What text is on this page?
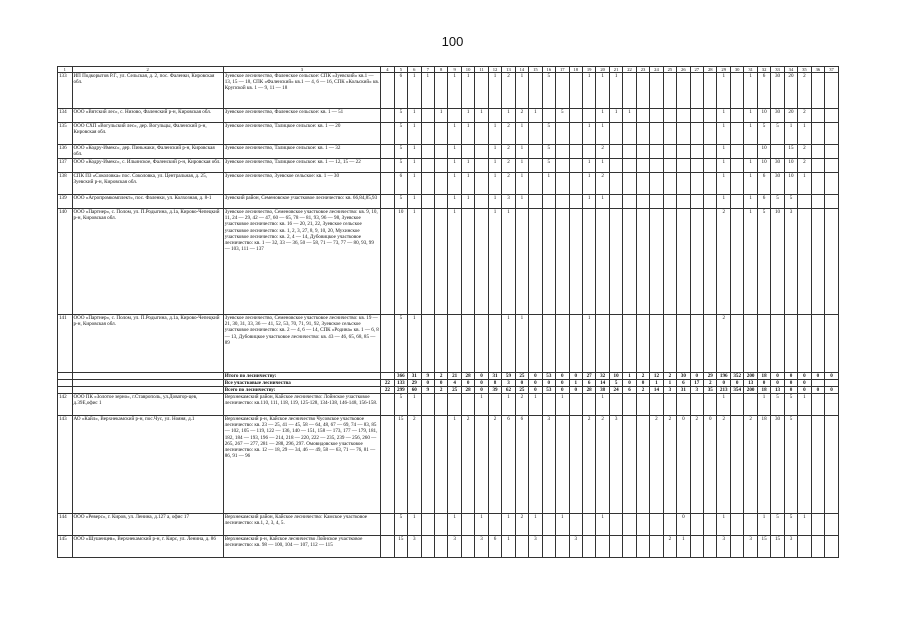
100
1	2	3	4	5	6	7	8	9	10	11	12	13	14	15	16	17	18	19	20	21	22	23	24	25	26	27	28	29	30	31	32	33	34	35	36	37
133	ИП Подкорытов Р.Г., ул. Сельская, д. 2, пос. Фаленки, Кировская обл.	Зуевское лесничество, Фаленское сельское: СПК «Зуевский» кв.1 — 13, 15 — 18, СПК «Фаленский» кв.1 — 4, 6 — 16, СПК «Кольский» кв. Крупской кв. 1 — 9, 11 — 18		6	1	1		1	1		1	2	1		5			1	1	1								1		1	6	30	20	2		
134	ООО «Вятский лес», с. Низово, Фаленский р-н, Кировская обл.	Зуевское лесничество, Фаленское сельское: кв. 1 — 51		5	1		1		1	1		1	2	1		5			1	1	1							1		1	10	30	20	2		
135	ООО СХП «Вогульский лес», дер. Вогульцы, Фаленский р-н, Кировская обл.	Зуевское лесничество, Талицкое сельское: кв. 1 — 20		5	1			1	1		1	2	1		5			1	1									1		1	5	5	1	1		
136	ООО «Кодру-Имекс», дер. Пиньжаки, Фаленский р-н, Кировская обл.	Зуевское лесничество, Талицкое сельское: кв. 1 — 32		5	1			1			1	2	1		5				2									1			10		15	2		
137	ООО «Кодру-Имекс», с. Ильинское, Фаленский р-н, Кировская обл.	Зуевское лесничество, Талицкое сельское: кв. 1 — 12, 15 — 22		5	1			1	1		1	2	1		5			1	1									1		1	10	30	10	2		
138	СПК ПЗ «Соколовка» пос. Соколовка, ул. Центральная, д. 25, Зуевский р-н, Кировская обл.	Зуевское лесничество, Зуевское сельское: кв. 1 — 30		6	1			1	1		1	2	1		1			1	2									1		1	6	30	10	1		
139	ООО «Агропромкомплект», пос. Фаленки, ул. Колхозная, д. 8-1	Зуевский район, Семеновское участковое лесничество: кв. 66,84,85,93		5	1			1	1		1	3	1					1	1									1		1	6	5	5			
140	ООО «Партнер», с. Полом, ул. П.Родыгина, д.1а, Кирово-Чепецкий р-н, Кировская обл.	Зуевское лесничество, Семеновское участковое лесничество: кв. 9, 10, 11, 24 — 29, 42 — 47, 60 — 65, 78 — 81, 93, 96 — 98, Зуевское участковое лесничество: кв. 16 — 20, 21, 22, Зуевское сельское участковое лесничество: кв. 1, 2, 3, 27, 8, 9, 10, 20, Мухинское участковое лесничество: кв. 2, 4 — 14, Дубовицкое участковое лесничество: кв. 1 — 32, 33 — 36, 50 — 58, 71 — 73, 77 — 80, 93, 99 — 103, 111 — 137		10	1			1			1	1																2		1	5	10	3			
141	ООО «Партнер», с. Полом, ул. П.Родыгина, д.1а, Кирово-Чепецкий р-н, Кировская обл.	Зуевское лесничество, Семеновское участковое лесничество: кв. 19 — 21, 30, 31, 33, 36 — 41, 52, 53, 70, 71, 91, 92, Зуевское сельское участковое лесничество: кв. 2 — 4, 6 — 14, СПК «Родина» кв. 1 — 6, 8 — 13, Дубовицкое участковое лесничество: кв. 43 — 46, 65, 68, 85 — 89		5	1							1	1					1										2								
		Итого по лесничеству:		366	31	9	2	21	28	0	31	59	25	0	53	0	0	27	32	10	1	2	12	2	30	0	29	196	352	200	18	0	0	0	0	0
		Все участковые лесничества	22	133	29	0	0	4	0	0	8	3	0	0	0	0	1	6	14	5	0	0	1	1	6	17	2	0	0	13	0	0	0	0		
		Всего по лесничеству:	22	299	60	9	2	25	28	0	39	62	25	0	53	0	0	28	38	24	6	2	14	3	31	3	35	213	354	200	18	13	0	0	0	0
142	ООО ПК «Золотое зерно», г.Ставрополь, ул.Доватор-цев, д.39Е,офис 1	Верхнекамский район, Кайское лесничество: Лойнское участковое лесничество: кв.110, 111, 118, 119, 125-128, 134-138, 146-148, 156-158.		5	1					1		1	2	1		1			1									1			1	5	5	1		
143	АО «Кайл», Верхнекамский р-н, пос.Чус, ул. Нояня, д.1	Верхнекамский р-н, Кайское лесничество Чусовское участковое лесничество: кв. 23 — 25, 41 — 45, 58 — 64, 48, 67 — 69, 74 — 83, 85 — 102, 105 — 119, 122 — 136, 140 — 151, 158 — 173, 177 — 179, 181, 182, 184 — 193, 196 — 214, 218 — 220, 222 — 235, 239 — 256, 260 — 265, 267 — 277, 281 — 288, 296, 297. Омовидовское участковое лесничество: кв. 12 — 18, 29 — 34, 46 — 49, 58 — 63, 71 — 76, 81 — 86, 91 — 96		15	2			1	2		2	6	6		3			2	2	3			2	2	0	2	0	2		2	18	30	5			
144	ООО «Реверс», г. Киров, ул. Ленина, д.127 а, офис 17	Верхнекамский район, Кайское лесничество: Камское участковое лесничество: кв.1, 2, 3, 4, 5.		5	1			1		1		1	2	1		1			1						0			1			1	5	5	1		
145	ООО «Шушенцев», Верхнекамский р-н, г. Кирс, ул. Ленина, д. 86	Верхнекамский р-н, Кайское лесничество Лойнское участковое лесничество: кв. 98 — 100, 104 — 107, 112 — 115		15	3			3		3	6	1		3			3							2	1			3		3	15	15	3			
